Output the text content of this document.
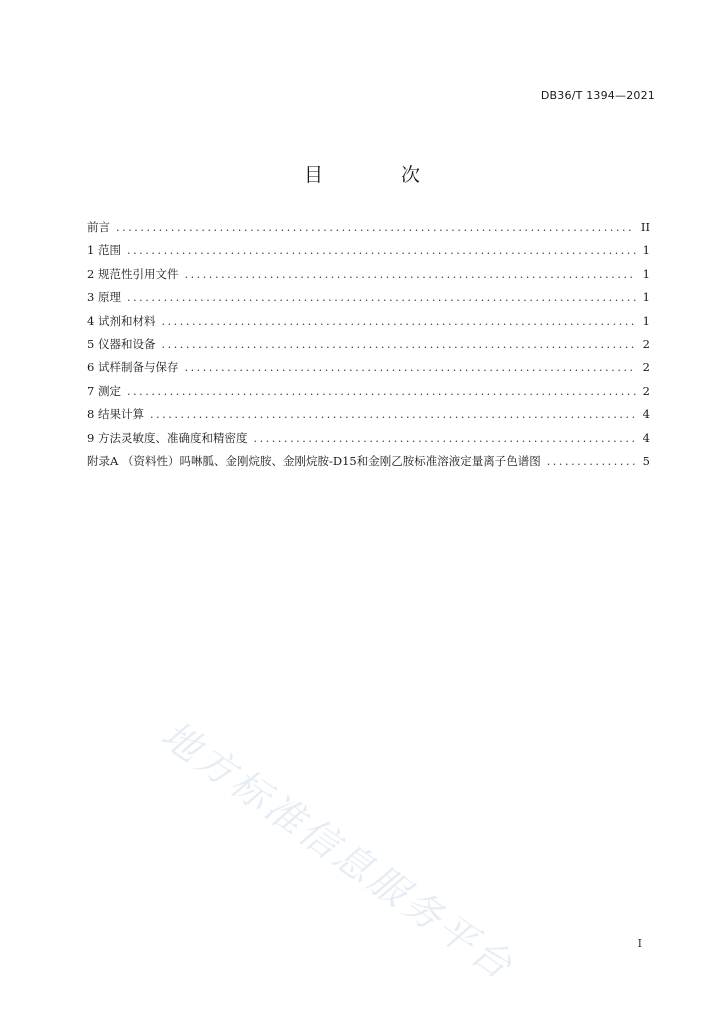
DB36/T 1394—2021
目 次
前言 .....	II
1 范围 .....	1
2 规范性引用文件 .....	1
3 原理 .....	1
4 试剂和材料 .....	1
5 仪器和设备 .....	2
6 试样制备与保存 .....	2
7 测定 .....	2
8 结果计算 .....	4
9 方法灵敏度、准确度和精密度 .....	4
附录A （资料性）吗啉胍、金刚烷胺、金刚烷胺-D15和金刚乙胺标准溶液定量离子色谱图 .....	5
地方标准信息服务平台	I
